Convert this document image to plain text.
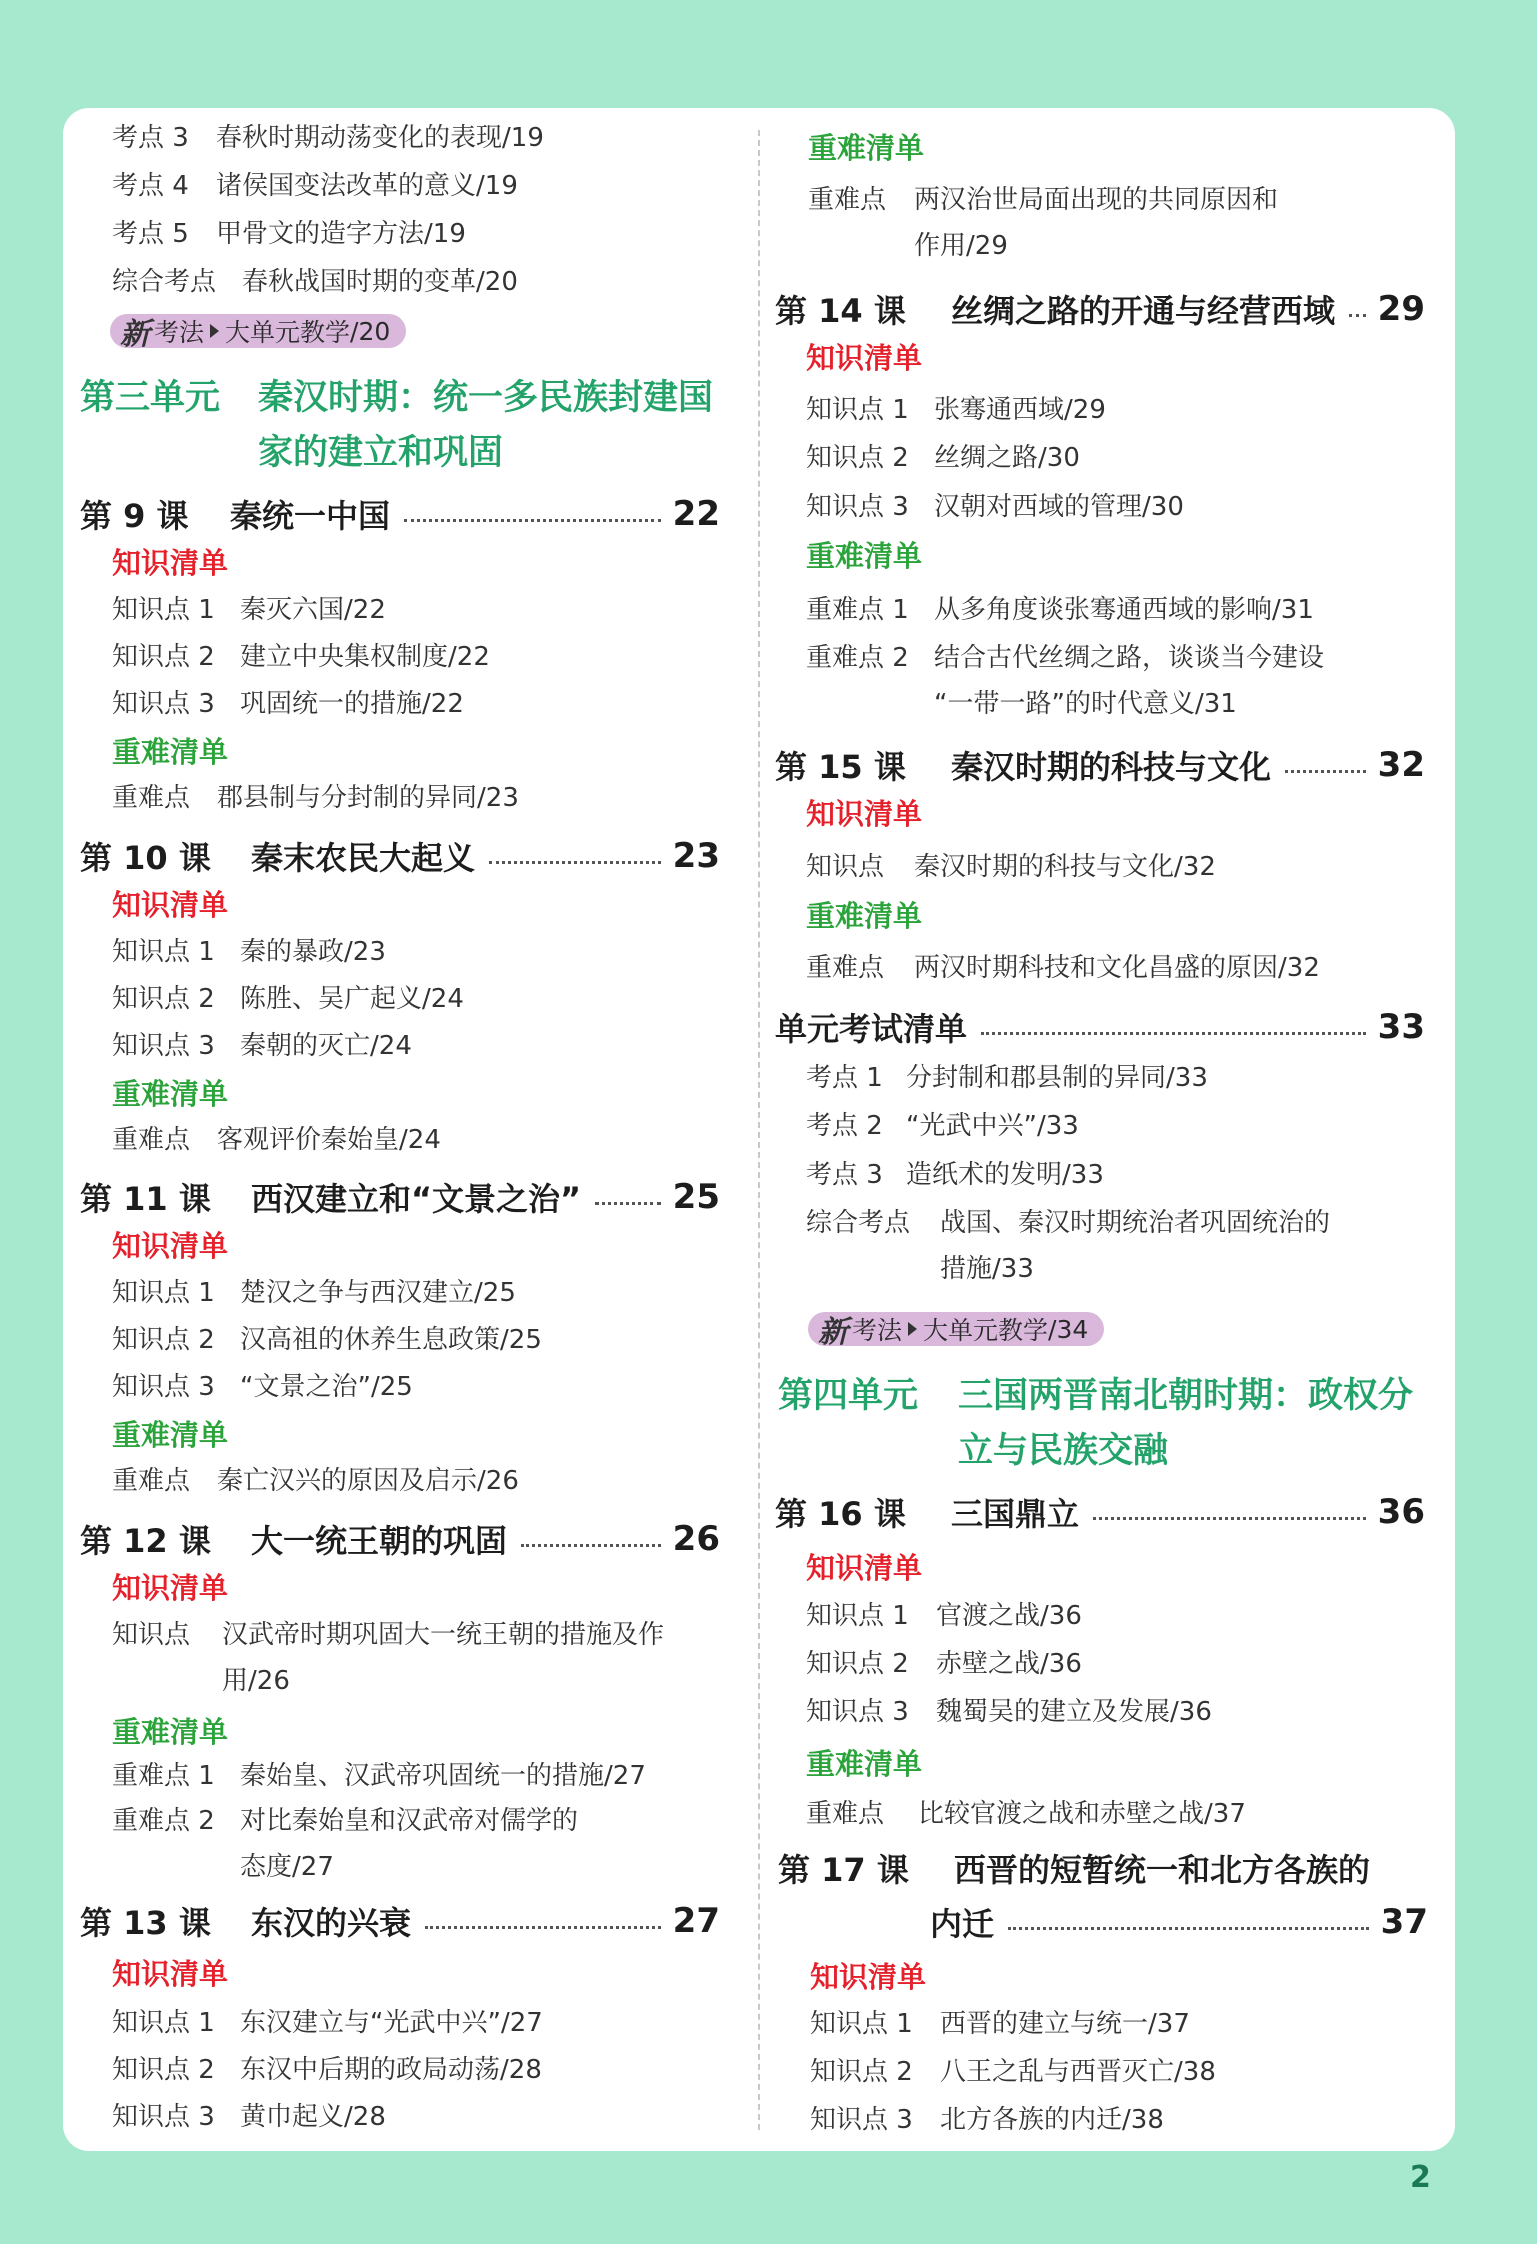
考点 3 春秋时期动荡变化的表现/19
考点 4 诸侯国变法改革的意义/19
考点 5 甲骨文的造字方法/19
综合考点 春秋战国时期的变革/20
新 考法 大单元教学 /20
第三单元 秦汉时期：统一多民族封建国
家的建立和巩固
第 9 课	秦统一中国	22
知识清单
知识点 1 秦灭六国/22
知识点 2 建立中央集权制度/22
知识点 3 巩固统一的措施/22
重难清单
重难点 郡县制与分封制的异同/23
第 10 课	秦末农民大起义	23
知识清单
知识点 1 秦的暴政/23
知识点 2 陈胜、吴广起义/24
知识点 3 秦朝的灭亡/24
重难清单
重难点 客观评价秦始皇/24
第 11 课	西汉建立和“文景之治”	25
知识清单
知识点 1 楚汉之争与西汉建立/25
知识点 2 汉高祖的休养生息政策/25
知识点 3 “文景之治”/25
重难清单
重难点 秦亡汉兴的原因及启示/26
第 12 课	大一统王朝的巩固	26
知识清单
知识点 汉武帝时期巩固大一统王朝的措施及作
用/26
重难清单
重难点 1 秦始皇、汉武帝巩固统一的措施/27
重难点 2 对比秦始皇和汉武帝对儒学的
态度/27
第 13 课	东汉的兴衰	27
知识清单
知识点 1 东汉建立与“光武中兴”/27
知识点 2 东汉中后期的政局动荡/28
知识点 3 黄巾起义/28
重难清单
重难点 两汉治世局面出现的共同原因和
作用/29
第 14 课	丝绸之路的开通与经营西域 29
知识清单
知识点 1 张骞通西域/29
知识点 2 丝绸之路/30
知识点 3 汉朝对西域的管理/30
重难清单
重难点 1 从多角度谈张骞通西域的影响/31
重难点 2 结合古代丝绸之路，谈谈当今建设
“一带一路”的时代意义/31
第 15 课	秦汉时期的科技与文化	32
知识清单
知识点 秦汉时期的科技与文化/32
重难清单
重难点 两汉时期科技和文化昌盛的原因/32
单元考试清单	33
考点 1 分封制和郡县制的异同/33
考点 2 “光武中兴”/33
考点 3 造纸术的发明/33
综合考点 战国、秦汉时期统治者巩固统治的
措施/33
新 考法 大单元教学 /34
第四单元 三国两晋南北朝时期：政权分
立与民族交融
第 16 课	三国鼎立	36
知识清单
知识点 1 官渡之战/36
知识点 2 赤壁之战/36
知识点 3 魏蜀吴的建立及发展/36
重难清单
重难点 比较官渡之战和赤壁之战/37
第 17 课	西晋的短暂统一和北方各族的
内迁	37
知识清单
知识点 1 西晋的建立与统一/37
知识点 2 八王之乱与西晋灭亡/38
知识点 3 北方各族的内迁/38
2
